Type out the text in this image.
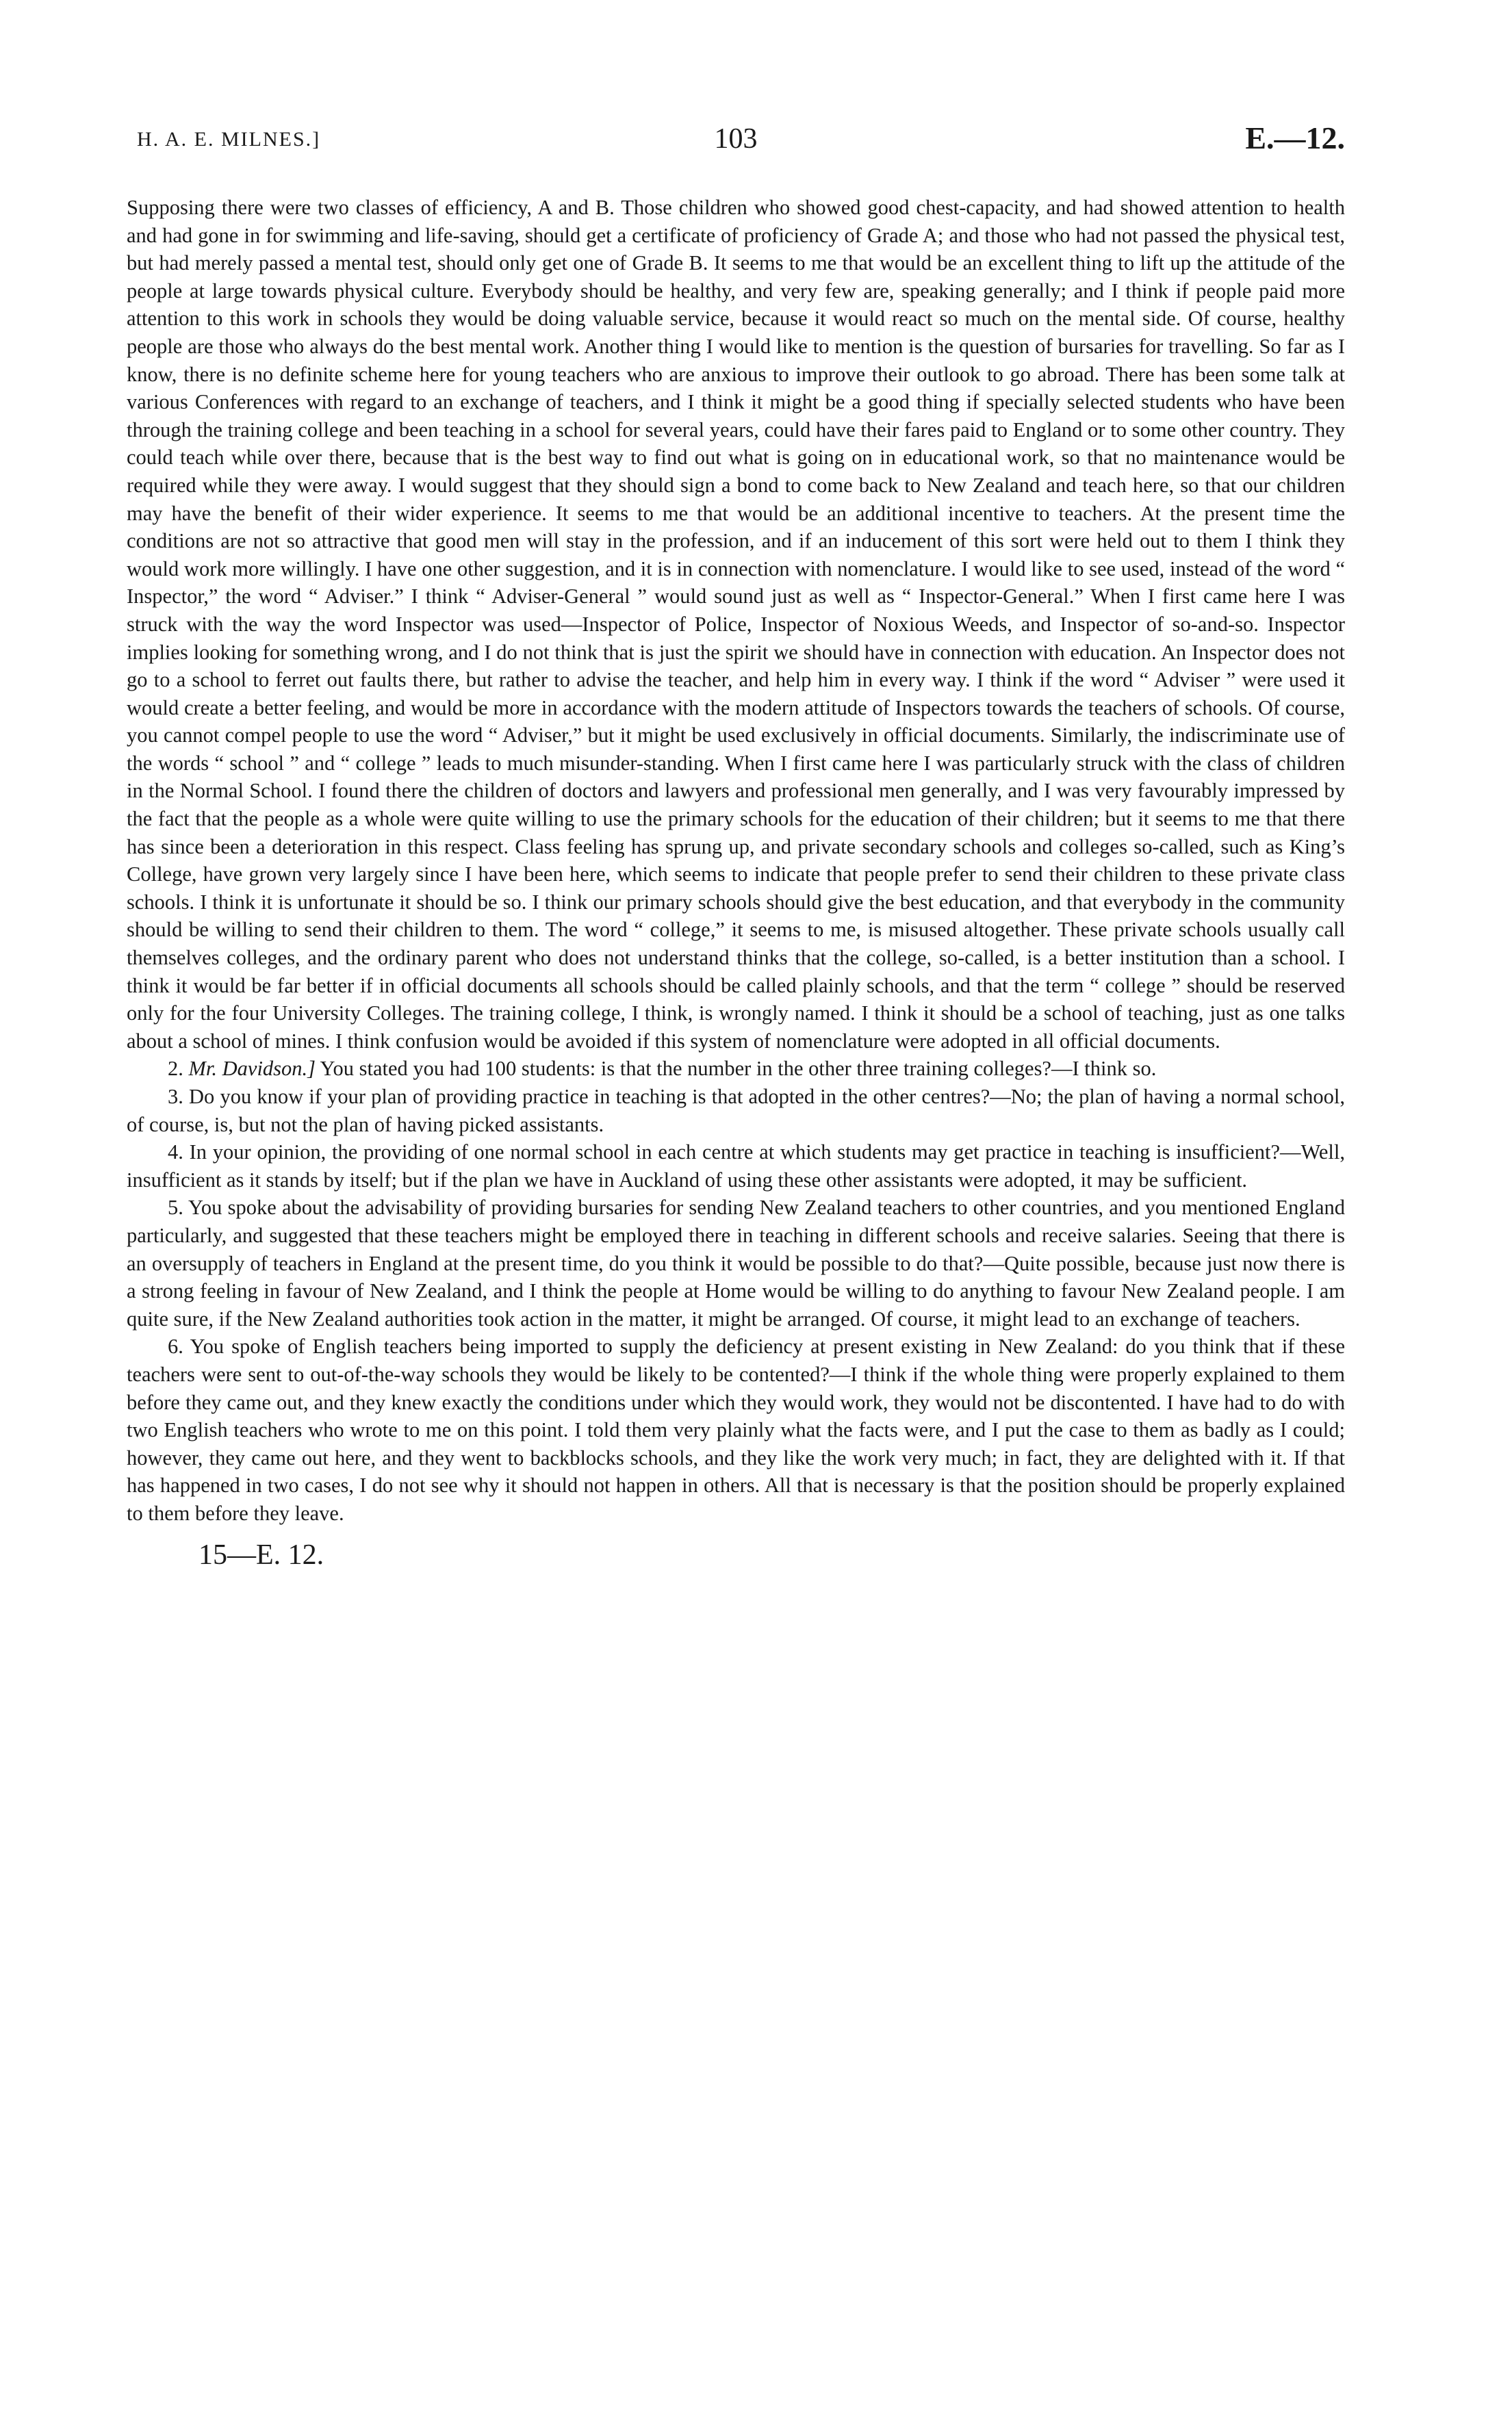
H. A. E. MILNES.]	103	E.—12.

Supposing there were two classes of efficiency, A and B. Those children who showed good chest-capacity, and had showed attention to health and had gone in for swimming and life-saving, should get a certificate of proficiency of Grade A; and those who had not passed the physical test, but had merely passed a mental test, should only get one of Grade B. It seems to me that would be an excellent thing to lift up the attitude of the people at large towards physical culture. Everybody should be healthy, and very few are, speaking generally; and I think if people paid more attention to this work in schools they would be doing valuable service, because it would react so much on the mental side. Of course, healthy people are those who always do the best mental work. Another thing I would like to mention is the question of bursaries for travelling. So far as I know, there is no definite scheme here for young teachers who are anxious to improve their outlook to go abroad. There has been some talk at various Conferences with regard to an exchange of teachers, and I think it might be a good thing if specially selected students who have been through the training college and been teaching in a school for several years, could have their fares paid to England or to some other country. They could teach while over there, because that is the best way to find out what is going on in educational work, so that no maintenance would be required while they were away. I would suggest that they should sign a bond to come back to New Zealand and teach here, so that our children may have the benefit of their wider experience. It seems to me that would be an additional incentive to teachers. At the present time the conditions are not so attractive that good men will stay in the profession, and if an inducement of this sort were held out to them I think they would work more willingly. I have one other suggestion, and it is in connection with nomenclature. I would like to see used, instead of the word “ Inspector,” the word “ Adviser.” I think “ Adviser-General ” would sound just as well as “ Inspector-General.” When I first came here I was struck with the way the word Inspector was used—Inspector of Police, Inspector of Noxious Weeds, and Inspector of so-and-so. Inspector implies looking for something wrong, and I do not think that is just the spirit we should have in connection with education. An Inspector does not go to a school to ferret out faults there, but rather to advise the teacher, and help him in every way. I think if the word “ Adviser ” were used it would create a better feeling, and would be more in accordance with the modern attitude of Inspectors towards the teachers of schools. Of course, you cannot compel people to use the word “ Adviser,” but it might be used exclusively in official documents. Similarly, the indiscriminate use of the words “ school ” and “ college ” leads to much misunder-standing. When I first came here I was particularly struck with the class of children in the Normal School. I found there the children of doctors and lawyers and professional men generally, and I was very favourably impressed by the fact that the people as a whole were quite willing to use the primary schools for the education of their children; but it seems to me that there has since been a deterioration in this respect. Class feeling has sprung up, and private secondary schools and colleges so-called, such as King’s College, have grown very largely since I have been here, which seems to indicate that people prefer to send their children to these private class schools. I think it is unfortunate it should be so. I think our primary schools should give the best education, and that everybody in the community should be willing to send their children to them. The word “ college,” it seems to me, is misused altogether. These private schools usually call themselves colleges, and the ordinary parent who does not understand thinks that the college, so-called, is a better institution than a school. I think it would be far better if in official documents all schools should be called plainly schools, and that the term “ college ” should be reserved only for the four University Colleges. The training college, I think, is wrongly named. I think it should be a school of teaching, just as one talks about a school of mines. I think confusion would be avoided if this system of nomenclature were adopted in all official documents.

2. Mr. Davidson.] You stated you had 100 students: is that the number in the other three training colleges?—I think so.

3. Do you know if your plan of providing practice in teaching is that adopted in the other centres?—No; the plan of having a normal school, of course, is, but not the plan of having picked assistants.

4. In your opinion, the providing of one normal school in each centre at which students may get practice in teaching is insufficient?—Well, insufficient as it stands by itself; but if the plan we have in Auckland of using these other assistants were adopted, it may be sufficient.

5. You spoke about the advisability of providing bursaries for sending New Zealand teachers to other countries, and you mentioned England particularly, and suggested that these teachers might be employed there in teaching in different schools and receive salaries. Seeing that there is an oversupply of teachers in England at the present time, do you think it would be possible to do that?—Quite possible, because just now there is a strong feeling in favour of New Zealand, and I think the people at Home would be willing to do anything to favour New Zealand people. I am quite sure, if the New Zealand authorities took action in the matter, it might be arranged. Of course, it might lead to an exchange of teachers.

6. You spoke of English teachers being imported to supply the deficiency at present existing in New Zealand: do you think that if these teachers were sent to out-of-the-way schools they would be likely to be contented?—I think if the whole thing were properly explained to them before they came out, and they knew exactly the conditions under which they would work, they would not be discontented. I have had to do with two English teachers who wrote to me on this point. I told them very plainly what the facts were, and I put the case to them as badly as I could; however, they came out here, and they went to backblocks schools, and they like the work very much; in fact, they are delighted with it. If that has happened in two cases, I do not see why it should not happen in others. All that is necessary is that the position should be properly explained to them before they leave.

15—E. 12.
